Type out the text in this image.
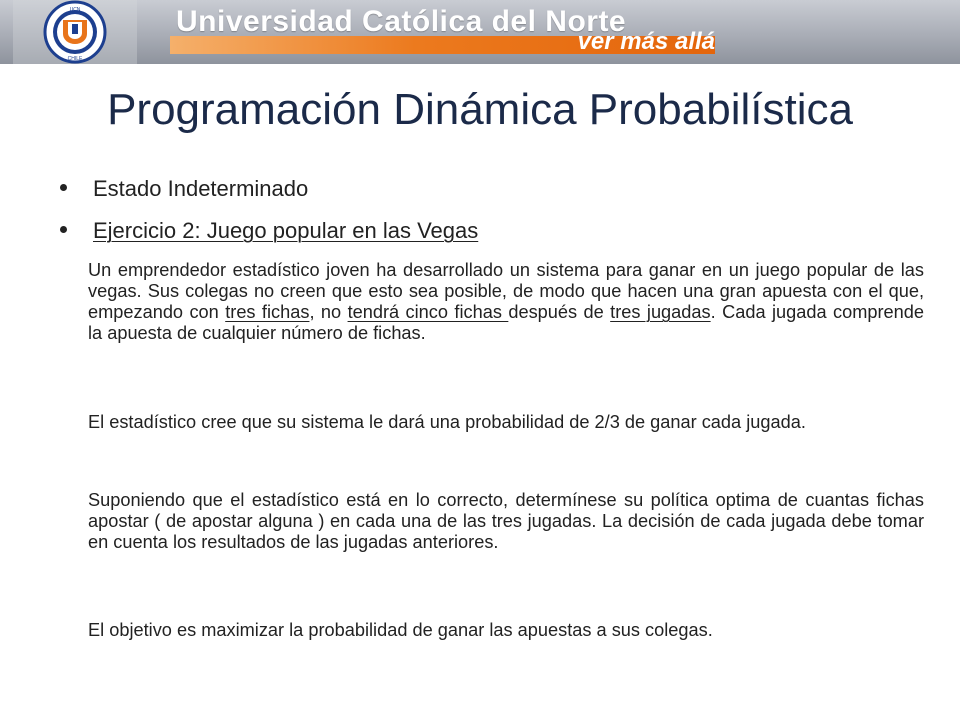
UCN
CHILE
Universidad Católica del Norte
ver más allá
Programación Dinámica Probabilística
Estado Indeterminado
Ejercicio 2: Juego popular en las Vegas

Un emprendedor estadístico joven ha desarrollado un sistema para ganar en un juego popular de las vegas. Sus colegas no creen que esto sea posible, de modo que hacen una gran apuesta con el que, empezando con tres fichas, no tendrá cinco fichas después de tres jugadas. Cada jugada comprende la apuesta de cualquier número de fichas.

El estadístico cree que su sistema le dará una probabilidad de 2/3 de ganar cada jugada.

Suponiendo que el estadístico está en lo correcto, determínese su política optima de cuantas fichas apostar ( de apostar alguna ) en cada una de las tres jugadas. La decisión de cada jugada debe tomar en cuenta los resultados de las jugadas anteriores.

El objetivo es maximizar la probabilidad de ganar las apuestas a sus colegas.
